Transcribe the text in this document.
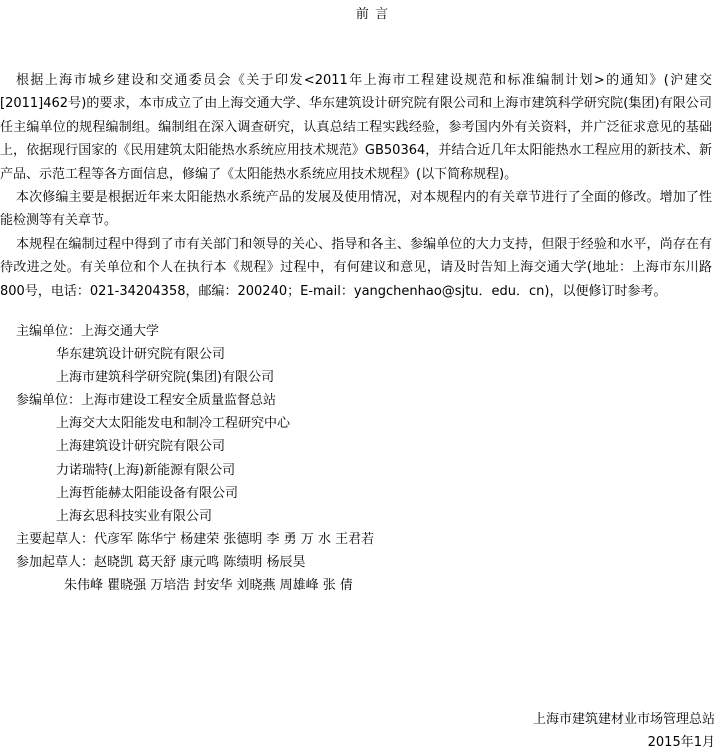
前 言

根据上海市城乡建设和交通委员会《关于印发<2011年上海市工程建设规范和标准编制计划>的通知》(沪建交[2011]462号)的要求，本市成立了由上海交通大学、华东建筑设计研究院有限公司和上海市建筑科学研究院(集团)有限公司任主编单位的规程编制组。编制组在深入调查研究，认真总结工程实践经验，参考国内外有关资料，并广泛征求意见的基础上，依据现行国家的《民用建筑太阳能热水系统应用技术规范》GB50364，并结合近几年太阳能热水工程应用的新技术、新产品、示范工程等各方面信息，修编了《太阳能热水系统应用技术规程》(以下简称规程)。

本次修编主要是根据近年来太阳能热水系统产品的发展及使用情况，对本规程内的有关章节进行了全面的修改。增加了性能检测等有关章节。

本规程在编制过程中得到了市有关部门和领导的关心、指导和各主、参编单位的大力支持，但限于经验和水平，尚存在有待改进之处。有关单位和个人在执行本《规程》过程中，有何建议和意见，请及时告知上海交通大学(地址：上海市东川路800号，电话：021-34204358，邮编：200240；E-mail：yangchenhao@sjtu．edu．cn)，以便修订时参考。

主编单位：上海交通大学
华东建筑设计研究院有限公司
上海市建筑科学研究院(集团)有限公司
参编单位：上海市建设工程安全质量监督总站
上海交大太阳能发电和制冷工程研究中心
上海建筑设计研究院有限公司
力诺瑞特(上海)新能源有限公司
上海哲能赫太阳能设备有限公司
上海玄思科技实业有限公司
主要起草人：代彦军 陈华宁 杨建荣 张德明 李 勇 万 水 王君若
参加起草人：赵晓凯 葛天舒 康元鸣 陈绩明 杨辰昊
朱伟峰 瞿晓强 万培浩 封安华 刘晓燕 周雄峰 张 倩
上海市建筑建材业市场管理总站
2015年1月
